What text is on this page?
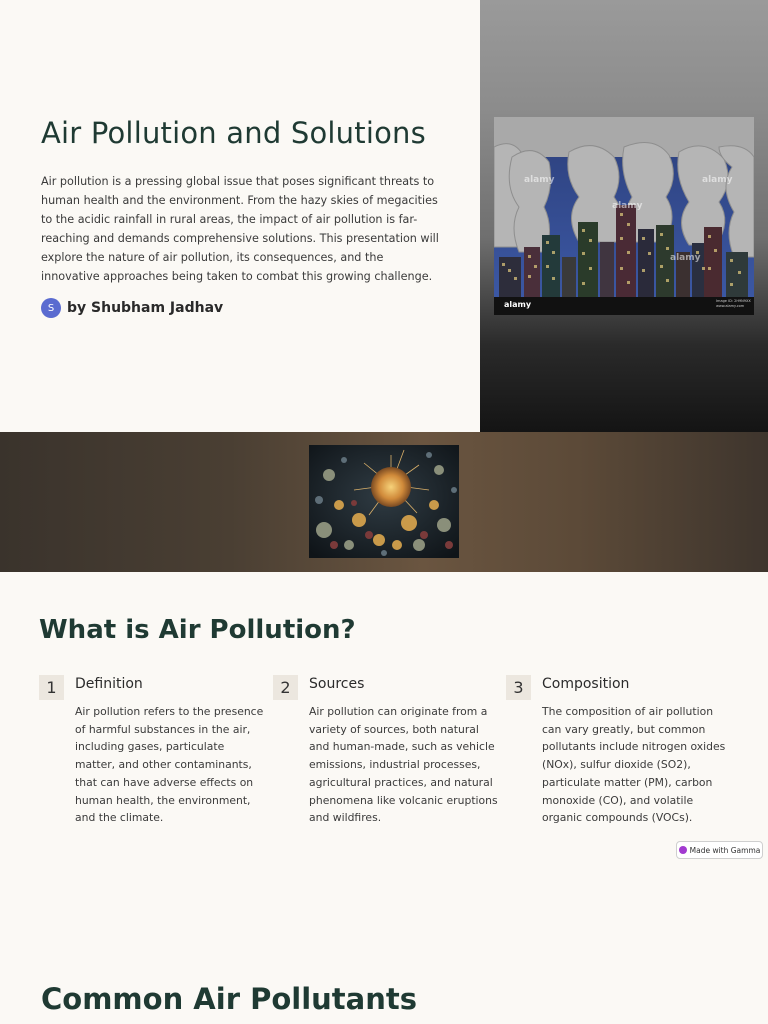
Air Pollution and Solutions

Air pollution is a pressing global issue that poses significant threats to human health and the environment. From the hazy skies of megacities to the acidic rainfall in rural areas, the impact of air pollution is far-reaching and demands comprehensive solutions. This presentation will explore the nature of air pollution, its consequences, and the innovative approaches being taken to combat this growing challenge.

S by Shubham Jadhav
alamy
alamy
alamy
alamy
alamy	Image ID: 2H9N9XX
www.alamy.com
What is Air Pollution?
1	Definition

Air pollution refers to the presence of harmful substances in the air, including gases, particulate matter, and other contaminants, that can have adverse effects on human health, the environment, and the climate.

2	Sources

Air pollution can originate from a variety of sources, both natural and human-made, such as vehicle emissions, industrial processes, agricultural practices, and natural phenomena like volcanic eruptions and wildfires.

3	Composition

The composition of air pollution can vary greatly, but common pollutants include nitrogen oxides (NOx), sulfur dioxide (SO2), particulate matter (PM), carbon monoxide (CO), and volatile organic compounds (VOCs).

Made with Gamma
Common Air Pollutants
